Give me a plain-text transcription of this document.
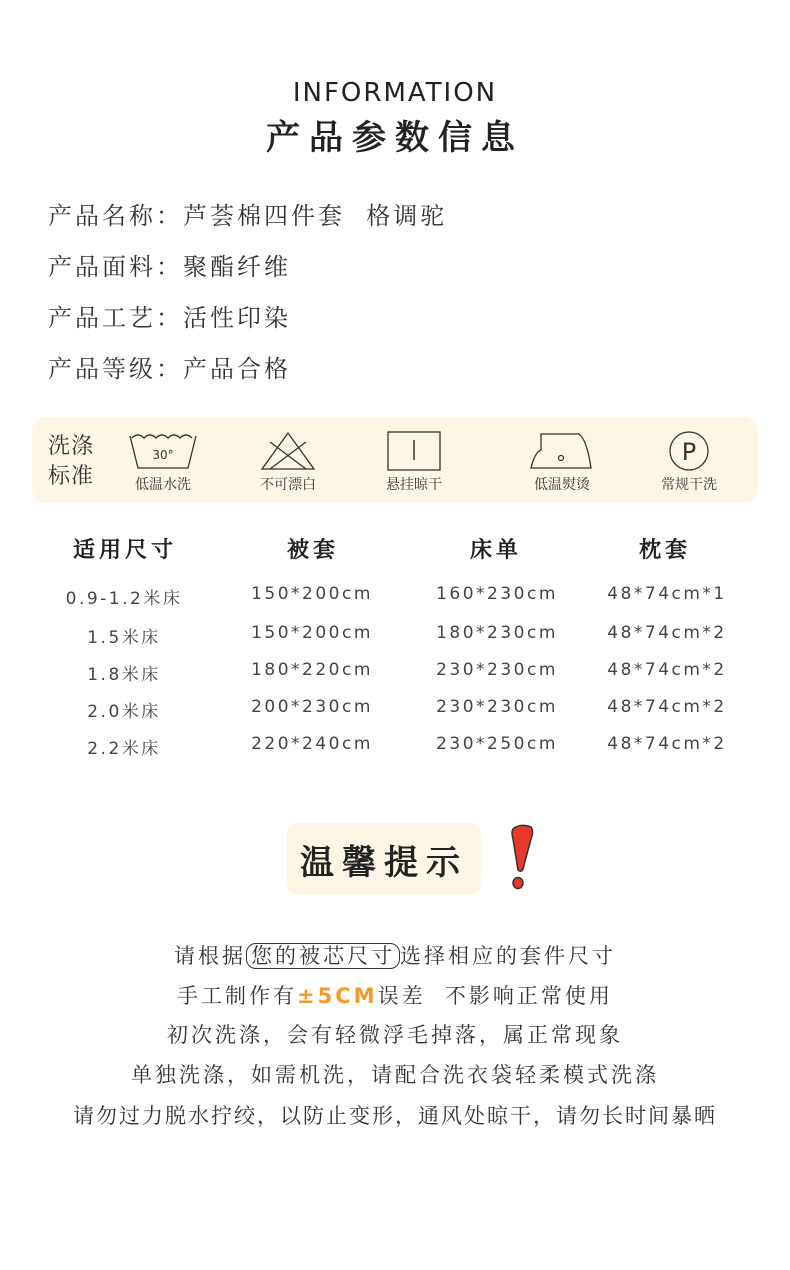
INFORMATION
产品参数信息
产品名称：芦荟棉四件套  格调驼
产品面料：聚酯纤维
产品工艺：活性印染
产品等级：产品合格
洗涤
标准
30°
低温水洗	不可漂白	悬挂晾干	低温熨烫
P
常规干洗
适用尺寸	被套	床单	枕套
0.9-1.2米床	150*200cm	160*230cm	48*74cm*1
1.5米床	150*200cm	180*230cm	48*74cm*2
1.8米床	180*220cm	230*230cm	48*74cm*2
2.0米床	200*230cm	230*230cm	48*74cm*2
2.2米床	220*240cm	230*250cm	48*74cm*2
温馨提示
请根据 您的被芯尺寸 选择相应的套件尺寸
手工制作有±5CM误差  不影响正常使用
初次洗涤，会有轻微浮毛掉落，属正常现象
单独洗涤，如需机洗，请配合洗衣袋轻柔模式洗涤
请勿过力脱水拧绞，以防止变形，通风处晾干，请勿长时间暴晒
